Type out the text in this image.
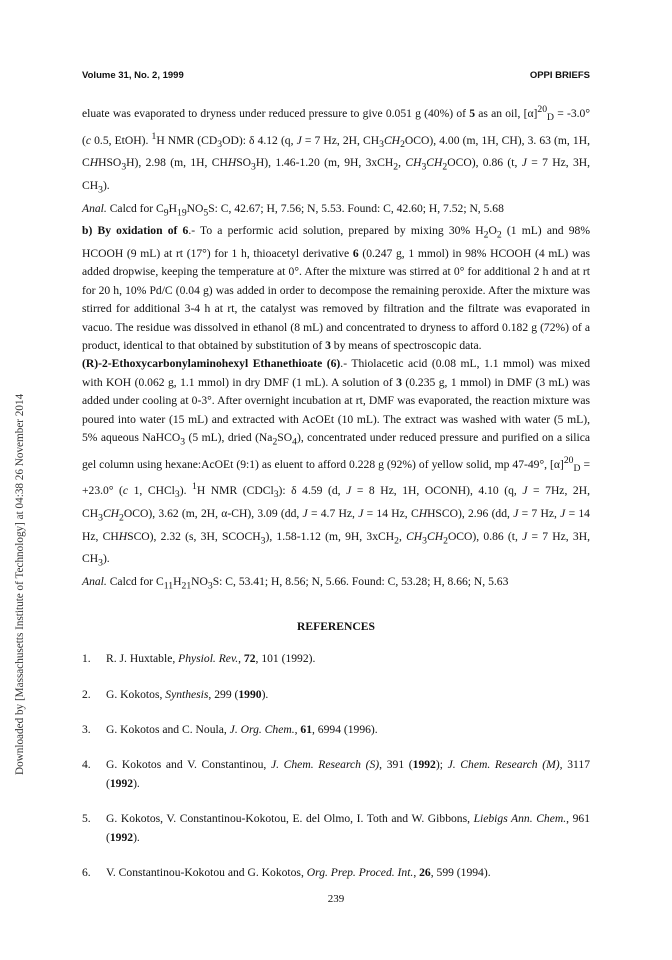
Volume 31, No. 2, 1999	OPPI BRIEFS
Downloaded by [Massachusetts Institute of Technology] at 04:38 26 November 2014

eluate was evaporated to dryness under reduced pressure to give 0.051 g (40%) of 5 as an oil, $[\alpha]^{20}_D = -3.0^\circ$ (c 0.5, EtOH). $^1$H NMR $(CD_3OD)$: δ 4.12 (q, J = 7 Hz, 2H, $CH_3CH_2OCO$), 4.00 (m, 1H, CH), 3. 63 (m, 1H, $CHHSO_3H$), 2.98 (m, 1H, $CHHSO_3H$), 1.46-1.20 (m, 9H, 3xCH$_2$, $CH_3CH_2OCO$), 0.86 (t, J = 7 Hz, 3H, $CH_3$).

Anal. Calcd for $C_9H_{19}NO_5S$: C, 42.67; H, 7.56; N, 5.53. Found: C, 42.60; H, 7.52; N, 5.68

b) By oxidation of 6.- To a performic acid solution, prepared by mixing 30% $H_2O_2$ (1 mL) and 98% HCOOH (9 mL) at rt (17°) for 1 h, thioacetyl derivative 6 (0.247 g, 1 mmol) in 98% HCOOH (4 mL) was added dropwise, keeping the temperature at 0°. After the mixture was stirred at 0° for additional 2 h and at rt for 20 h, 10% Pd/C (0.04 g) was added in order to decompose the remaining peroxide. After the mixture was stirred for additional 3-4 h at rt, the catalyst was removed by filtration and the filtrate was evaporated in vacuo. The residue was dissolved in ethanol (8 mL) and concentrated to dryness to afford 0.182 g (72%) of a product, identical to that obtained by substitution of 3 by means of spectroscopic data.

(R)-2-Ethoxycarbonylaminohexyl Ethanethioate (6).- Thiolacetic acid (0.08 mL, 1.1 mmol) was mixed with KOH (0.062 g, 1.1 mmol) in dry DMF (1 mL). A solution of 3 (0.235 g, 1 mmol) in DMF (3 mL) was added under cooling at 0-3°. After overnight incubation at rt, DMF was evaporated, the reaction mixture was poured into water (15 mL) and extracted with AcOEt (10 mL). The extract was washed with water (5 mL), 5% aqueous NaHCO$_3$ (5 mL), dried $(Na_2SO_4)$, concentrated under reduced pressure and purified on a silica gel column using hexane:AcOEt (9:1) as eluent to afford 0.228 g (92%) of yellow solid, mp 47-49°, $[\alpha]^{20}_D = +23.0^\circ$ (c 1, CHCl$_3$). $^1$H NMR (CDCl$_3$): δ 4.59 (d, J = 8 Hz, 1H, OCONH), 4.10 (q, J = 7Hz, 2H, $CH_3CH_2OCO$), 3.62 (m, 2H, α-CH), 3.09 (dd, J = 4.7 Hz, J = 14 Hz, CHHSCO), 2.96 (dd, J = 7 Hz, J = 14 Hz, CHHSCO), 2.32 (s, 3H, $SCOCH_3$), 1.58-1.12 (m, 9H, 3xCH$_2$, $CH_3CH_2OCO$), 0.86 (t, J = 7 Hz, 3H, $CH_3$).

Anal. Calcd for $C_{11}H_{21}NO_3S$: C, 53.41; H, 8.56; N, 5.66. Found: C, 53.28; H, 8.66; N, 5.63

REFERENCES
1.	R. J. Huxtable, Physiol. Rev., 72, 101 (1992).
2.	G. Kokotos, Synthesis, 299 (1990).
3.	G. Kokotos and C. Noula, J. Org. Chem., 61, 6994 (1996).
4.	G. Kokotos and V. Constantinou, J. Chem. Research (S), 391 (1992); J. Chem. Research (M), 3117 (1992).
5.	G. Kokotos, V. Constantinou-Kokotou, E. del Olmo, I. Toth and W. Gibbons, Liebigs Ann. Chem., 961 (1992).
6.	V. Constantinou-Kokotou and G. Kokotos, Org. Prep. Proced. Int., 26, 599 (1994).
239
